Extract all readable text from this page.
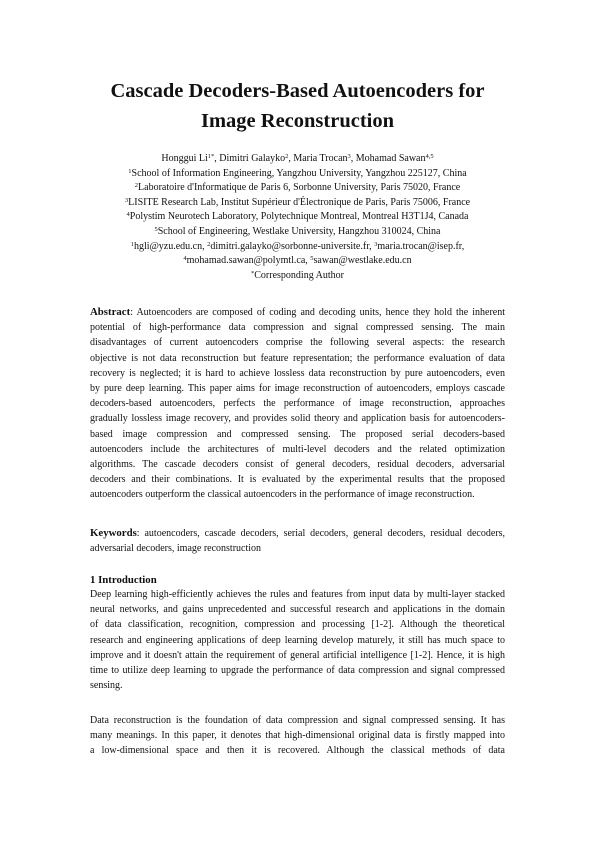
Cascade Decoders-Based Autoencoders for
Image Reconstruction
Honggui $Li^{1*}$, Dimitri Galayko$^2$, Maria Trocan$^3$, Mohamad Sawan$^{4,5}$
$^1$School of Information Engineering, Yangzhou University, Yangzhou 225127, China
$^2$Laboratoire d'Informatique de Paris 6, Sorbonne University, Paris 75020, France
$^3$LISITE Research Lab, Institut Supérieur d'Électronique de Paris, Paris 75006, France
$^4$Polystim Neurotech Laboratory, Polytechnique Montreal, Montreal H3T1J4, Canada
$^5$School of Engineering, Westlake University, Hangzhou 310024, China
$^1$hgli@yzu.edu.cn, $^2$dimitri.galayko@sorbonne-universite.fr, $^3$maria.trocan@isep.fr,
$^4$mohamad.sawan@polymtl.ca, $^5$sawan@westlake.edu.cn
*Corresponding Author
Abstract: Autoencoders are composed of coding and decoding units, hence they hold the inherent
potential of high-performance data compression and signal compressed sensing. The main
disadvantages of current autoencoders comprise the following several aspects: the research
objective is not data reconstruction but feature representation; the performance evaluation of data
recovery is neglected; it is hard to achieve lossless data reconstruction by pure autoencoders, even
by pure deep learning. This paper aims for image reconstruction of autoencoders, employs cascade
decoders-based autoencoders, perfects the performance of image reconstruction, approaches
gradually lossless image recovery, and provides solid theory and application basis for autoencoders-
based image compression and compressed sensing. The proposed serial decoders-based
autoencoders include the architectures of multi-level decoders and the related optimization
algorithms. The cascade decoders consist of general decoders, residual decoders, adversarial
decoders and their combinations. It is evaluated by the experimental results that the proposed
autoencoders outperform the classical autoencoders in the performance of image reconstruction.
Keywords: autoencoders, cascade decoders, serial decoders, general decoders, residual decoders,
adversarial decoders, image reconstruction
1 Introduction
Deep learning high-efficiently achieves the rules and features from input data by multi-layer stacked
neural networks, and gains unprecedented and successful research and applications in the domain
of data classification, recognition, compression and processing [1-2]. Although the theoretical
research and engineering applications of deep learning develop maturely, it still has much space to
improve and it doesn't attain the requirement of general artificial intelligence [1-2]. Hence, it is high
time to utilize deep learning to upgrade the performance of data compression and signal compressed
sensing.
Data reconstruction is the foundation of data compression and signal compressed sensing. It has
many meanings. In this paper, it denotes that high-dimensional original data is firstly mapped into
a low-dimensional space and then it is recovered. Although the classical methods of data
